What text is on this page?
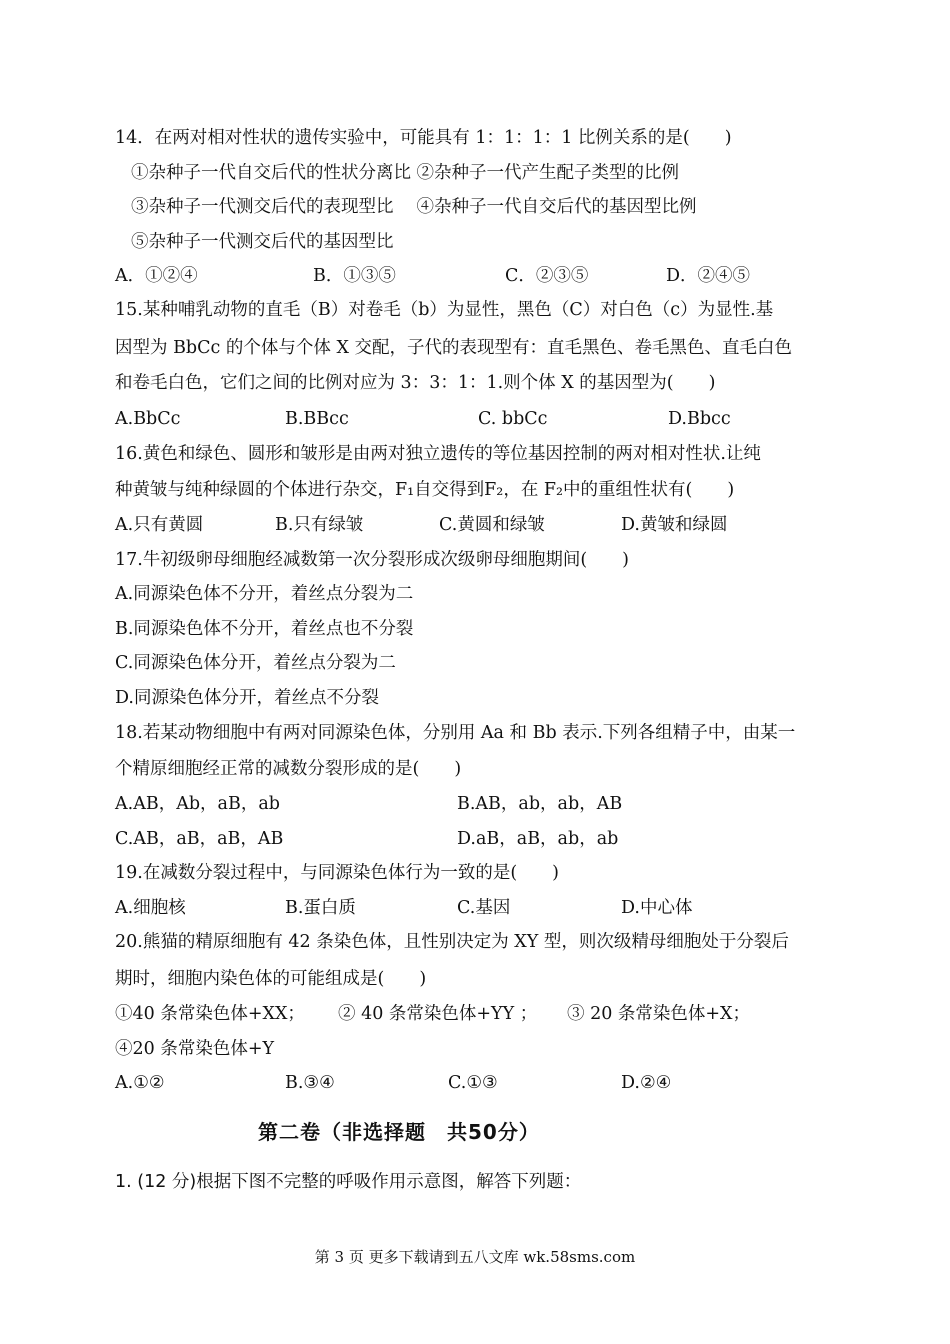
14．在两对相对性状的遗传实验中，可能具有 1：1：1：1 比例关系的是(　　)
①杂种子一代自交后代的性状分离比 ②杂种子一代产生配子类型的比例
③杂种子一代测交后代的表现型比　 ④杂种子一代自交后代的基因型比例
⑤杂种子一代测交后代的基因型比
A．①②④	B．①③⑤	C．②③⑤	D．②④⑤
15.某种哺乳动物的直毛（B）对卷毛（b）为显性，黑色（C）对白色（c）为显性.基
因型为 BbCc 的个体与个体 X 交配，子代的表现型有：直毛黑色、卷毛黑色、直毛白色
和卷毛白色，它们之间的比例对应为 3：3：1：1.则个体 X 的基因型为(　　)
A.BbCc	B.BBcc	C. bbCc	D.Bbcc
16.黄色和绿色、圆形和皱形是由两对独立遗传的等位基因控制的两对相对性状.让纯
种黄皱与纯种绿圆的个体进行杂交，F₁自交得到F₂，在 F₂中的重组性状有(　　)
A.只有黄圆	B.只有绿皱	C.黄圆和绿皱	D.黄皱和绿圆
17.牛初级卵母细胞经减数第一次分裂形成次级卵母细胞期间(　　)
A.同源染色体不分开，着丝点分裂为二
B.同源染色体不分开，着丝点也不分裂
C.同源染色体分开，着丝点分裂为二
D.同源染色体分开，着丝点不分裂
18.若某动物细胞中有两对同源染色体，分别用 Aa 和 Bb 表示.下列各组精子中，由某一
个精原细胞经正常的减数分裂形成的是(　　)
A.AB，Ab，aB，ab	B.AB，ab，ab，AB
C.AB，aB，aB，AB	D.aB，aB，ab，ab
19.在减数分裂过程中，与同源染色体行为一致的是(　　)
A.细胞核	B.蛋白质	C.基因	D.中心体
20.熊猫的精原细胞有 42 条染色体，且性别决定为 XY 型，则次级精母细胞处于分裂后
期时，细胞内染色体的可能组成是(　　)
①40 条常染色体+XX； ② 40 条常染色体+YY ； ③ 20 条常染色体+X；
④20 条常染色体+Y
A.①②	B.③④	C.①③	D.②④
第二卷（非选择题　共50分）
1. (12 分)根据下图不完整的呼吸作用示意图，解答下列题：
第 3 页 更多下载请到五八文库 wk.58sms.com
